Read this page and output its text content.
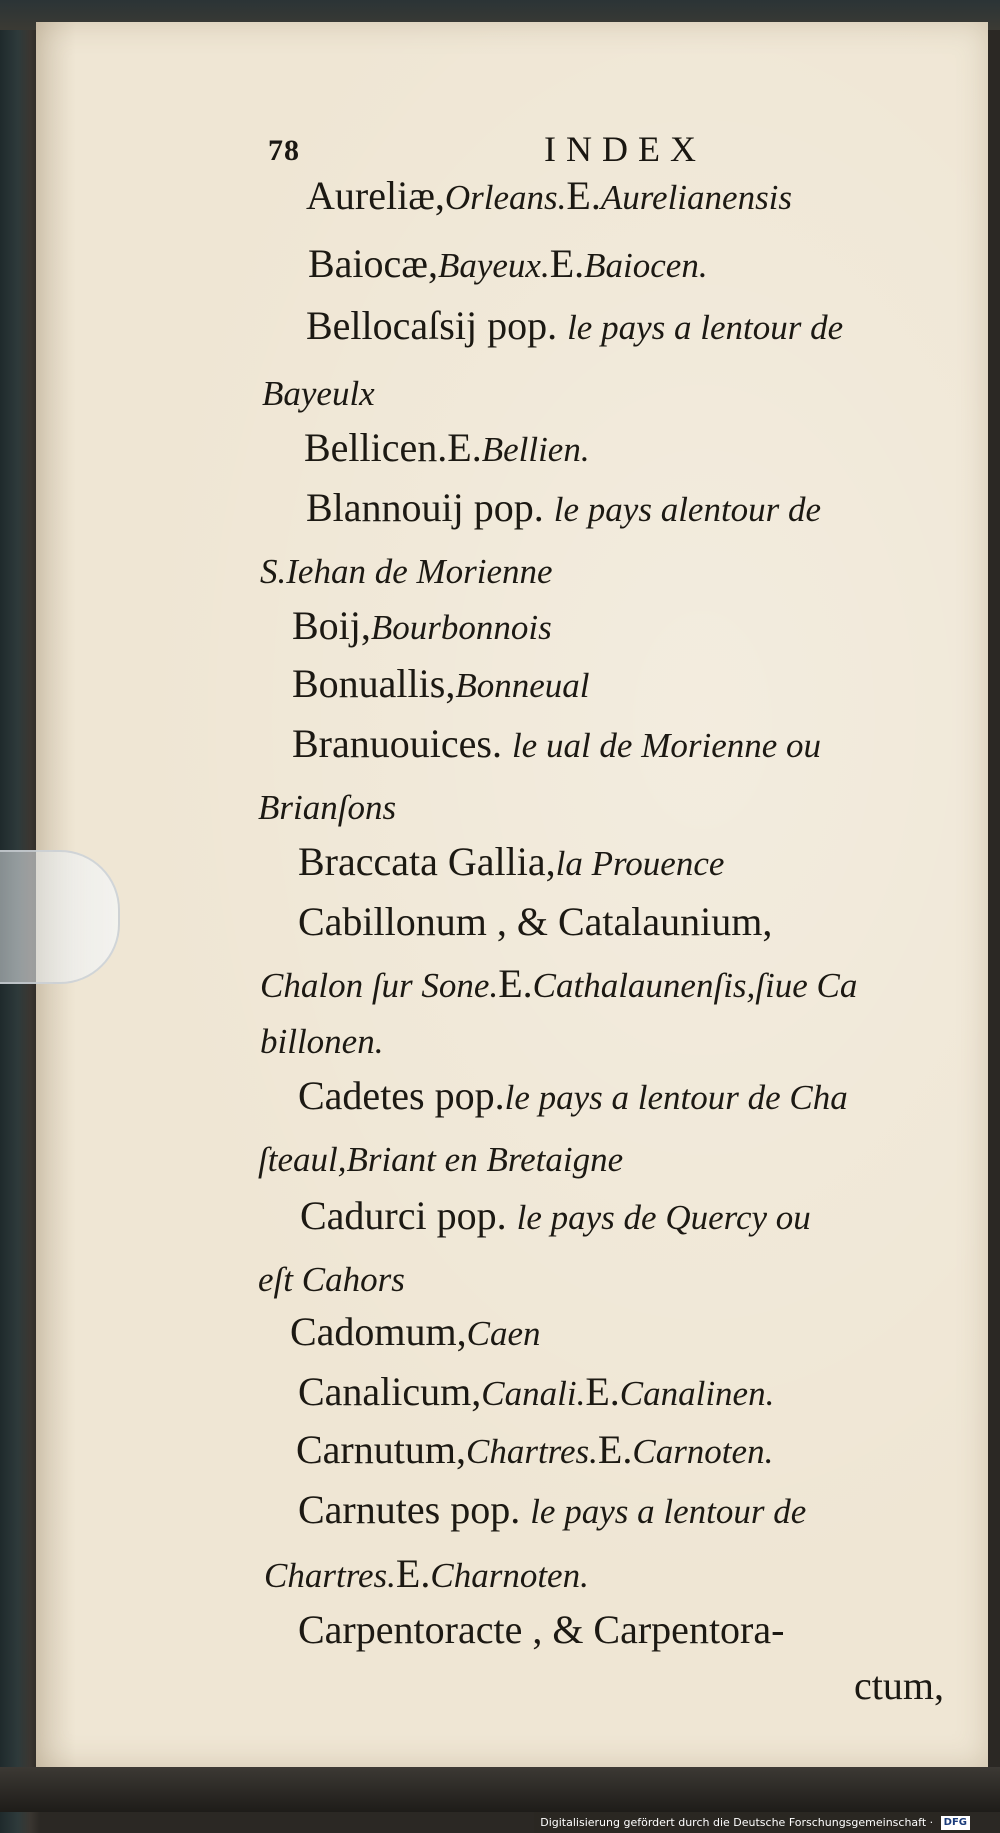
78	INDEX
Aureliæ,Orleans.E.Aurelianensis
Baiocæ,Bayeux.E.Baiocen.
Bellocaſsij pop. le pays a lentour de
Bayeulx
Bellicen.E.Bellien.
Blannouij pop. le pays alentour de
S.Iehan de Morienne
Boij,Bourbonnois
Bonuallis,Bonneual
Branuouices. le ual de Morienne ou
Brianſons
Braccata Gallia,la Prouence
Cabillonum , & Catalaunium,
Chalon ſur Sone.E.Cathalaunenſis,ſiue Ca
billonen.
Cadetes pop.le pays a lentour de Cha
ſteaul,Briant en Bretaigne
Cadurci pop. le pays de Quercy ou
eſt Cahors
Cadomum,Caen
Canalicum,Canali.E.Canalinen.
Carnutum,Chartres.E.Carnoten.
Carnutes pop. le pays a lentour de
Chartres.E.Charnoten.
Carpentoracte , & Carpentora-
ctum,
Digitalisierung gefördert durch die Deutsche Forschungsgemeinschaft · DFG
